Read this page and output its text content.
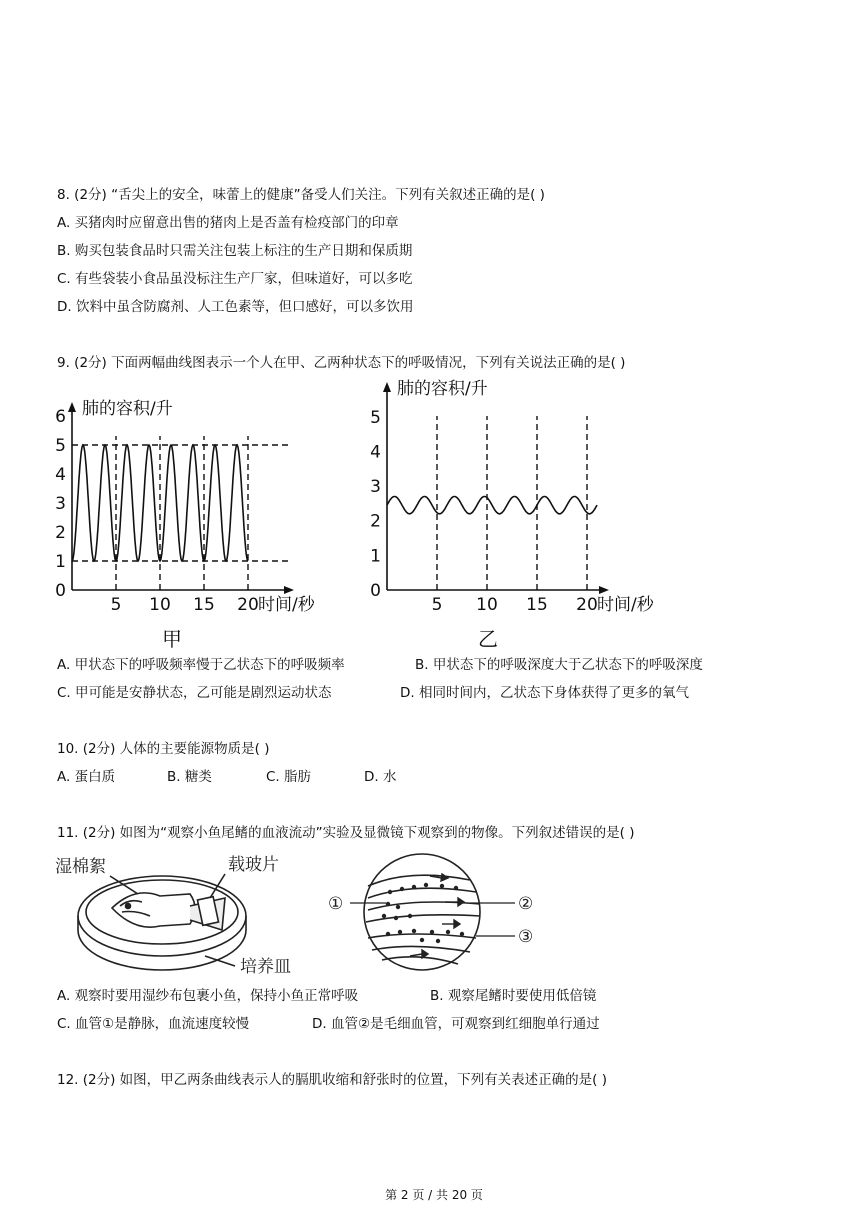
8. (2分) “舌尖上的安全，味蕾上的健康”备受人们关注。下列有关叙述正确的是( )
A. 买猪肉时应留意出售的猪肉上是否盖有检疫部门的印章
B. 购买包装食品时只需关注包装上标注的生产日期和保质期
C. 有些袋装小食品虽没标注生产厂家，但味道好，可以多吃
D. 饮料中虽含防腐剂、人工色素等，但口感好，可以多饮用
9. (2分) 下面两幅曲线图表示一个人在甲、乙两种状态下的呼吸情况，下列有关说法正确的是( )
0
1
2
3
4
5
6
5 10 15 20
肺的容积/升
时间/秒
甲
0
1
2
3
4
5
5 10 15 20
肺的容积/升
时间/秒
乙
A. 甲状态下的呼吸频率慢于乙状态下的呼吸频率	B. 甲状态下的呼吸深度大于乙状态下的呼吸深度
C. 甲可能是安静状态，乙可能是剧烈运动状态	D. 相同时间内，乙状态下身体获得了更多的氧气
10. (2分) 人体的主要能源物质是( )
A. 蛋白质	B. 糖类	C. 脂肪	D. 水
11. (2分) 如图为“观察小鱼尾鳍的血液流动”实验及显微镜下观察到的物像。下列叙述错误的是( )
湿棉絮	载玻片
培养皿
①	②
③
A. 观察时要用湿纱布包裹小鱼，保持小鱼正常呼吸	B. 观察尾鳍时要使用低倍镜
C. 血管①是静脉，血流速度较慢	D. 血管②是毛细血管，可观察到红细胞单行通过
12. (2分) 如图，甲乙两条曲线表示人的膈肌收缩和舒张时的位置，下列有关表述正确的是( )
第 2 页 / 共 20 页
